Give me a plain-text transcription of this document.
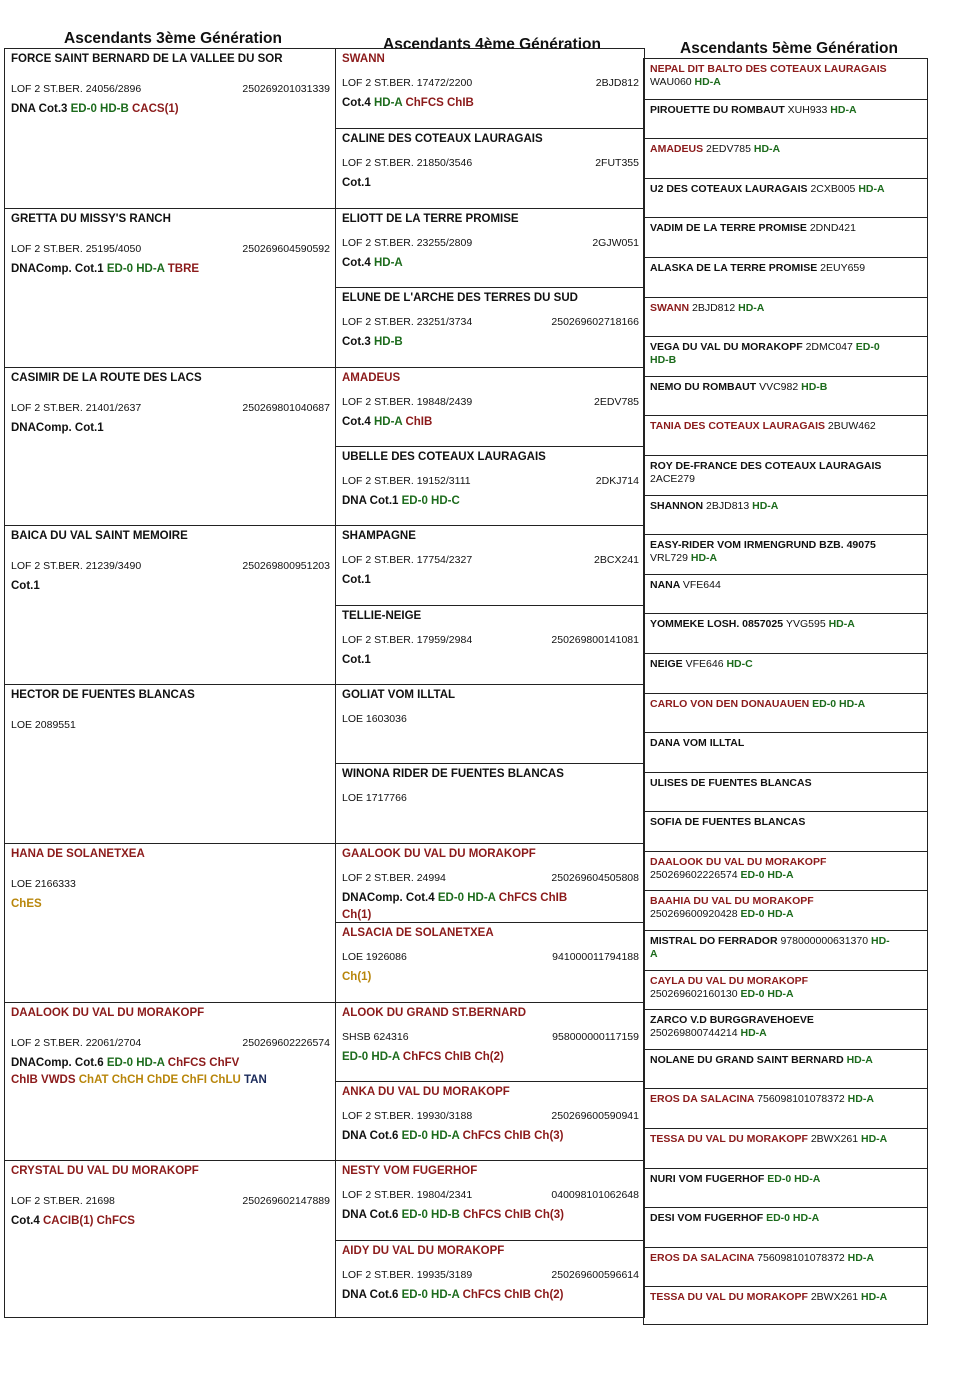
Ascendants 3ème Génération	Ascendants 4ème Génération	Ascendants 5ème Génération
FORCE SAINT BERNARD DE LA VALLEE DU SOR
LOF 2 ST.BER. 24056/2896	250269201031339
DNA Cot.3 ED-0 HD-B CACS(1)
GRETTA DU MISSY'S RANCH
LOF 2 ST.BER. 25195/4050	250269604590592
DNAComp. Cot.1 ED-0 HD-A TBRE
CASIMIR DE LA ROUTE DES LACS
LOF 2 ST.BER. 21401/2637	250269801040687
DNAComp. Cot.1
BAICA DU VAL SAINT MEMOIRE
LOF 2 ST.BER. 21239/3490	250269800951203
Cot.1
HECTOR DE FUENTES BLANCAS
LOE 2089551
HANA DE SOLANETXEA
LOE 2166333
ChES
DAALOOK DU VAL DU MORAKOPF
LOF 2 ST.BER. 22061/2704	250269602226574
DNAComp. Cot.6 ED-0 HD-A ChFCS ChFV
ChIB VWDS ChAT ChCH ChDE ChFI ChLU TAN
CRYSTAL DU VAL DU MORAKOPF
LOF 2 ST.BER. 21698	250269602147889
Cot.4 CACIB(1) ChFCS
SWANN
LOF 2 ST.BER. 17472/2200	2BJD812
Cot.4 HD-A ChFCS ChIB
CALINE DES COTEAUX LAURAGAIS
LOF 2 ST.BER. 21850/3546	2FUT355
Cot.1
ELIOTT DE LA TERRE PROMISE
LOF 2 ST.BER. 23255/2809	2GJW051
Cot.4 HD-A
ELUNE DE L'ARCHE DES TERRES DU SUD
LOF 2 ST.BER. 23251/3734	250269602718166
Cot.3 HD-B
AMADEUS
LOF 2 ST.BER. 19848/2439	2EDV785
Cot.4 HD-A ChIB
UBELLE DES COTEAUX LAURAGAIS
LOF 2 ST.BER. 19152/3111	2DKJ714
DNA Cot.1 ED-0 HD-C
SHAMPAGNE
LOF 2 ST.BER. 17754/2327	2BCX241
Cot.1
TELLIE-NEIGE
LOF 2 ST.BER. 17959/2984	250269800141081
Cot.1
GOLIAT VOM ILLTAL
LOE 1603036
WINONA RIDER DE FUENTES BLANCAS
LOE 1717766
GAALOOK DU VAL DU MORAKOPF
LOF 2 ST.BER. 24994	250269604505808
DNAComp. Cot.4 ED-0 HD-A ChFCS ChIB
Ch(1)
ALSACIA DE SOLANETXEA
LOE 1926086	941000011794188
Ch(1)
ALOOK DU GRAND ST.BERNARD
SHSB 624316	958000000117159
ED-0 HD-A ChFCS ChIB Ch(2)
ANKA DU VAL DU MORAKOPF
LOF 2 ST.BER. 19930/3188	250269600590941
DNA Cot.6 ED-0 HD-A ChFCS ChIB Ch(3)
NESTY VOM FUGERHOF
LOF 2 ST.BER. 19804/2341	040098101062648
DNA Cot.6 ED-0 HD-B ChFCS ChIB Ch(3)
AIDY DU VAL DU MORAKOPF
LOF 2 ST.BER. 19935/3189	250269600596614
DNA Cot.6 ED-0 HD-A ChFCS ChIB Ch(2)
NEPAL DIT BALTO DES COTEAUX LAURAGAIS WAU060 HD-A
PIROUETTE DU ROMBAUT XUH933 HD-A
AMADEUS 2EDV785 HD-A
U2 DES COTEAUX LAURAGAIS 2CXB005 HD-A
VADIM DE LA TERRE PROMISE 2DND421
ALASKA DE LA TERRE PROMISE 2EUY659
SWANN 2BJD812 HD-A
VEGA DU VAL DU MORAKOPF 2DMC047 ED-0 HD-B
NEMO DU ROMBAUT VVC982 HD-B
TANIA DES COTEAUX LAURAGAIS 2BUW462
ROY DE-FRANCE DES COTEAUX LAURAGAIS 2ACE279
SHANNON 2BJD813 HD-A
EASY-RIDER VOM IRMENGRUND BZB. 49075 VRL729 HD-A
NANA VFE644
YOMMEKE LOSH. 0857025 YVG595 HD-A
NEIGE VFE646 HD-C
CARLO VON DEN DONAUAUEN ED-0 HD-A
DANA VOM ILLTAL
ULISES DE FUENTES BLANCAS
SOFIA DE FUENTES BLANCAS
DAALOOK DU VAL DU MORAKOPF 250269602226574 ED-0 HD-A
BAAHIA DU VAL DU MORAKOPF 250269600920428 ED-0 HD-A
MISTRAL DO FERRADOR 978000000631370 HD-A
CAYLA DU VAL DU MORAKOPF 250269602160130 ED-0 HD-A
ZARCO V.D BURGGRAVEHOEVE 250269800744214 HD-A
NOLANE DU GRAND SAINT BERNARD HD-A
EROS DA SALACINA 756098101078372 HD-A
TESSA DU VAL DU MORAKOPF 2BWX261 HD-A
NURI VOM FUGERHOF ED-0 HD-A
DESI VOM FUGERHOF ED-0 HD-A
EROS DA SALACINA 756098101078372 HD-A
TESSA DU VAL DU MORAKOPF 2BWX261 HD-A
